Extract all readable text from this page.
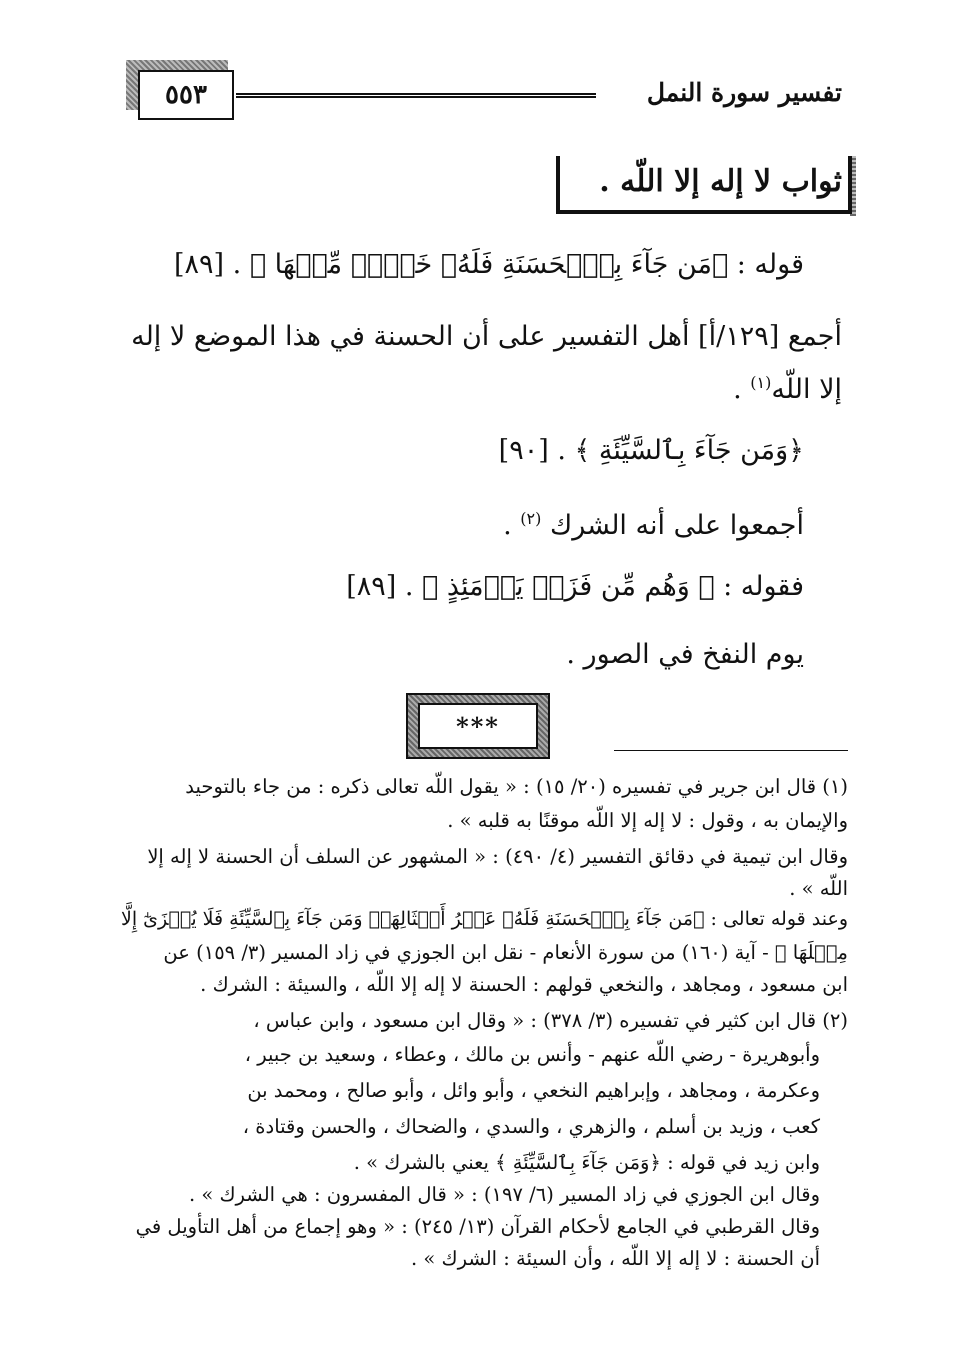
تفسير سورة النمل
٥٥٣
ثواب لا إله إلا اللّه .
قوله : ﴿مَن جَآءَ بِٱلۡحَسَنَةِ فَلَهُۥ خَيۡرٞ مِّنۡهَا ﴾ . [٨٩]
أجمع [١٢٩/أ] أهل التفسير على أن الحسنة في هذا الموضع لا إله
إلا اللّه$^{(١)}$ .
﴿وَمَن جَآءَ بِٱلسَّيِّئَةِ ﴾ . [٩٠]
أجمعوا على أنه الشرك $^{(٢)}$ .
فقوله : ﴿ وَهُم مِّن فَزَعٖ يَوۡمَئِذٍ ﴾ . [٨٩]
يوم النفخ في الصور .
***
(١) قال ابن جرير في تفسيره (٢٠/ ١٥) : « يقول اللّه تعالى ذكره : من جاء بالتوحيد
والإيمان به ، وقول : لا إله إلا اللّه موقنًا به قلبه » .
وقال ابن تيمية في دقائق التفسير (٤/ ٤٩٠) : « المشهور عن السلف أن الحسنة لا إله إلا
اللّه » .
وعند قوله تعالى : ﴿مَن جَآءَ بِٱلۡحَسَنَةِ فَلَهُۥ عَشۡرُ أَمۡثَالِهَاۖ وَمَن جَآءَ بِٱلسَّيِّئَةِ فَلَا يُجۡزَىٰٓ إِلَّا
مِثۡلَهَا ﴾ - آية (١٦٠) من سورة الأنعام - نقل ابن الجوزي في زاد المسير (٣/ ١٥٩) عن
ابن مسعود ، ومجاهد ، والنخعي قولهم : الحسنة لا إله إلا اللّه ، والسيئة : الشرك .
(٢) قال ابن كثير في تفسيره (٣/ ٣٧٨) : « وقال ابن مسعود ، وابن عباس ،
وأبوهريرة - رضي اللّه عنهم - وأنس بن مالك ، وعطاء ، وسعيد بن جبير ،
وعكرمة ، ومجاهد ، وإبراهيم النخعي ، وأبو وائل ، وأبو صالح ، ومحمد بن
كعب ، وزيد بن أسلم ، والزهري ، والسدي ، والضحاك ، والحسن وقتادة ،
وابن زيد في قوله : ﴿وَمَن جَآءَ بِٱلسَّيِّئَةِ ﴾ يعني بالشرك » .
وقال ابن الجوزي في زاد المسير (٦/ ١٩٧) : « قال المفسرون : هي الشرك » .
وقال القرطبي في الجامع لأحكام القرآن (١٣/ ٢٤٥) : « وهو إجماع من أهل التأويل في
أن الحسنة : لا إله إلا اللّه ، وأن السيئة : الشرك » .
